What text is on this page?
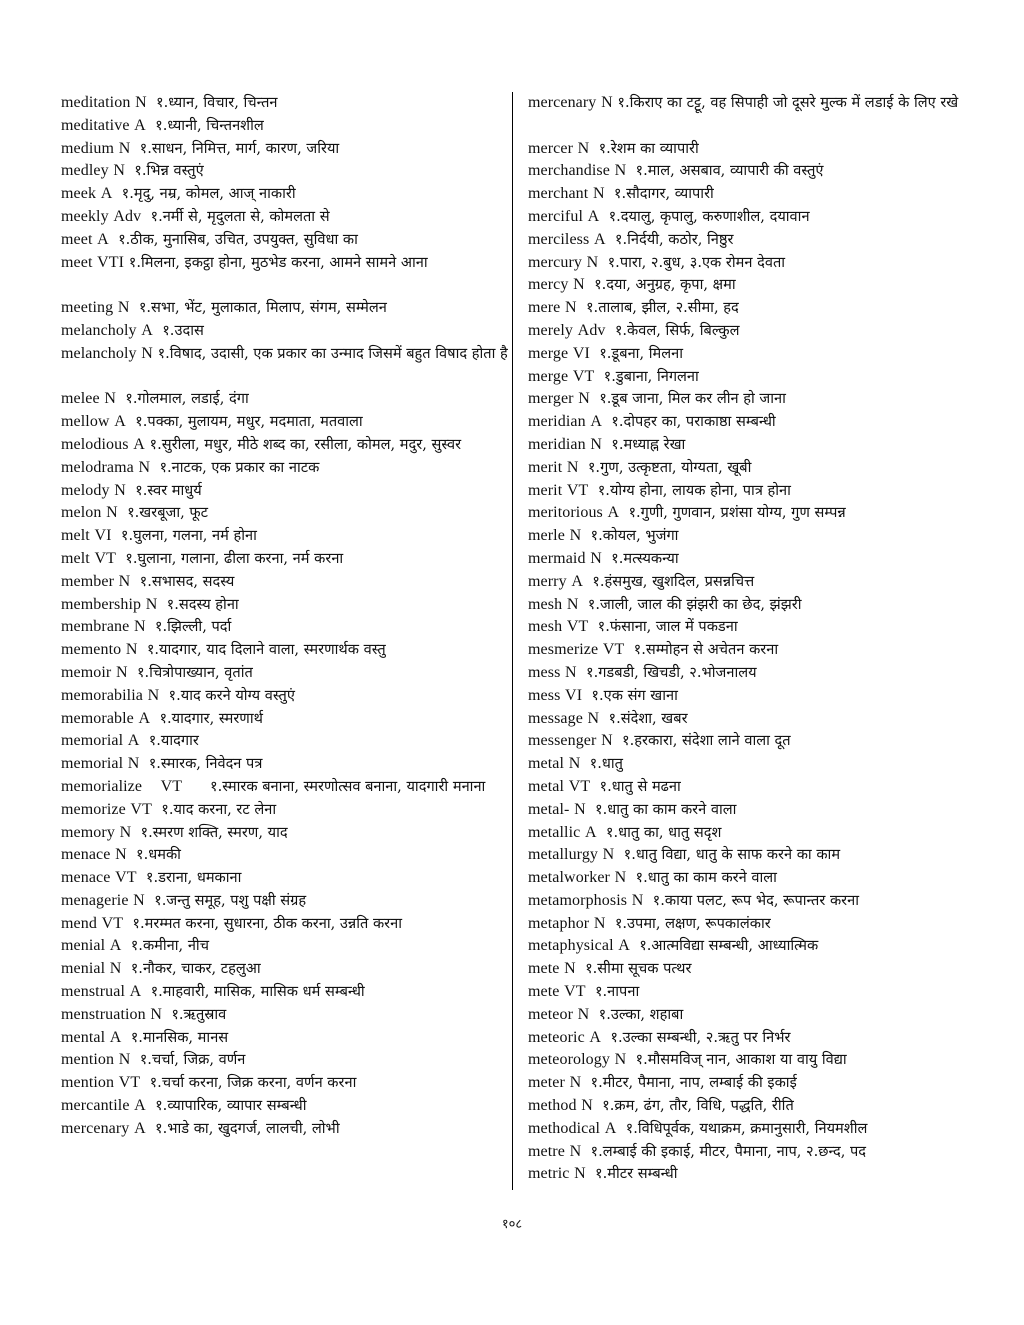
meditation N १.ध्यान, विचार, चिन्तन
meditative A १.ध्यानी, चिन्तनशील
medium N १.साधन, निमित्त, मार्ग, कारण, जरिया
medley N १.भिन्न वस्तुएं
meek A १.मृदु, नम्र, कोमल, आज् नाकारी
meekly Adv १.नर्मी से, मृदुलता से, कोमलता से
meet A १.ठीक, मुनासिब, उचित, उपयुक्त, सुविधा का
meet VTI १.मिलना, इकट्ठा होना, मुठभेड करना, आमने सामने आना
meeting N १.सभा, भेंट, मुलाकात, मिलाप, संगम, सम्मेलन
melancholy A १.उदास
melancholy N १.विषाद, उदासी, एक प्रकार का उन्माद जिसमें बहुत विषाद होता है
melee N १.गोलमाल, लडाई, दंगा
mellow A १.पक्का, मुलायम, मधुर, मदमाता, मतवाला
melodious A १.सुरीला, मधुर, मीठे शब्द का, रसीला, कोमल, मदुर, सुस्वर
melodrama N १.नाटक, एक प्रकार का नाटक
melody N १.स्वर माधुर्य
melon N १.खरबूजा, फूट
melt VI १.घुलना, गलना, नर्म होना
melt VT १.घुलाना, गलाना, ढीला करना, नर्म करना
member N १.सभासद, सदस्य
membership N १.सदस्य होना
membrane N १.झिल्ली, पर्दा
memento N १.यादगार, याद दिलाने वाला, स्मरणार्थक वस्तु
memoir N १.चित्रोपाख्यान, वृतांत
memorabilia N १.याद करने योग्य वस्तुएं
memorable A १.यादगार, स्मरणार्थ
memorial A १.यादगार
memorial N १.स्मारक, निवेदन पत्र
memorialize VT १.स्मारक बनाना, स्मरणोत्सव बनाना, यादगारी मनाना
memorize VT १.याद करना, रट लेना
memory N १.स्मरण शक्ति, स्मरण, याद
menace N १.धमकी
menace VT १.डराना, धमकाना
menagerie N १.जन्तु समूह, पशु पक्षी संग्रह
mend VT १.मरम्मत करना, सुधारना, ठीक करना, उन्नति करना
menial A १.कमीना, नीच
menial N १.नौकर, चाकर, टहलुआ
menstrual A १.माहवारी, मासिक, मासिक धर्म सम्बन्धी
menstruation N १.ऋतुस्राव
mental A १.मानसिक, मानस
mention N १.चर्चा, जिक्र, वर्णन
mention VT १.चर्चा करना, जिक्र करना, वर्णन करना
mercantile A १.व्यापारिक, व्यापार सम्बन्धी
mercenary A १.भाडे का, खुदगर्ज, लालची, लोभी
mercenary N १.किराए का टट्टू, वह सिपाही जो दूसरे मुल्क में लडाई के लिए रखे
mercer N १.रेशम का व्यापारी
merchandise N १.माल, असबाव, व्यापारी की वस्तुएं
merchant N १.सौदागर, व्यापारी
merciful A १.दयालु, कृपालु, करुणाशील, दयावान
merciless A १.निर्दयी, कठोर, निष्ठुर
mercury N १.पारा, २.बुध, ३.एक रोमन देवता
mercy N १.दया, अनुग्रह, कृपा, क्षमा
mere N १.तालाब, झील, २.सीमा, हद
merely Adv १.केवल, सिर्फ, बिल्कुल
merge VI १.डूबना, मिलना
merge VT १.डुबाना, निगलना
merger N १.डूब जाना, मिल कर लीन हो जाना
meridian A १.दोपहर का, पराकाष्ठा सम्बन्धी
meridian N १.मध्याह्न रेखा
merit N १.गुण, उत्कृष्टता, योग्यता, खूबी
merit VT १.योग्य होना, लायक होना, पात्र होना
meritorious A १.गुणी, गुणवान, प्रशंसा योग्य, गुण सम्पन्न
merle N १.कोयल, भुजंगा
mermaid N १.मत्स्यकन्या
merry A १.हंसमुख, खुशदिल, प्रसन्नचित्त
mesh N १.जाली, जाल की झंझरी का छेद, झंझरी
mesh VT १.फंसाना, जाल में पकडना
mesmerize VT १.सम्मोहन से अचेतन करना
mess N १.गडबडी, खिचडी, २.भोजनालय
mess VI १.एक संग खाना
message N १.संदेशा, खबर
messenger N १.हरकारा, संदेशा लाने वाला दूत
metal N १.धातु
metal VT १.धातु से मढना
metal- N १.धातु का काम करने वाला
metallic A १.धातु का, धातु सदृश
metallurgy N १.धातु विद्या, धातु के साफ करने का काम
metalworker N १.धातु का काम करने वाला
metamorphosis N १.काया पलट, रूप भेद, रूपान्तर करना
metaphor N १.उपमा, लक्षण, रूपकालंकार
metaphysical A १.आत्मविद्या सम्बन्धी, आध्यात्मिक
mete N १.सीमा सूचक पत्थर
mete VT १.नापना
meteor N १.उल्का, शहाबा
meteoric A १.उल्का सम्बन्धी, २.ऋतु पर निर्भर
meteorology N १.मौसमविज् नान, आकाश या वायु विद्या
meter N १.मीटर, पैमाना, नाप, लम्बाई की इकाई
method N १.क्रम, ढंग, तौर, विधि, पद्धति, रीति
methodical A १.विधिपूर्वक, यथाक्रम, क्रमानुसारी, नियमशील
metre N १.लम्बाई की इकाई, मीटर, पैमाना, नाप, २.छन्द, पद
metric N १.मीटर सम्बन्धी
१०८
